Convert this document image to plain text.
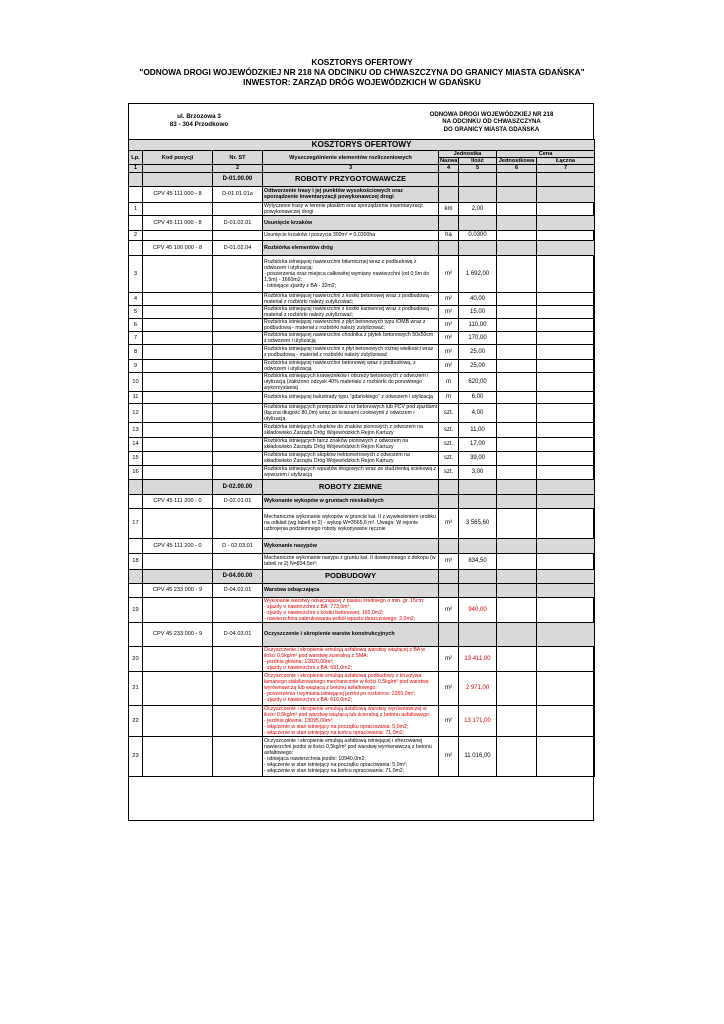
KOSZTORYS OFERTOWY
"ODNOWA DROGI WOJEWÓDZKIEJ NR 218 NA ODCINKU OD CHWASZCZYNA DO GRANICY MIASTA GDAŃSKA"
INWESTOR: ZARZĄD DRÓG WOJEWÓDZKICH W GDAŃSKU
ul. Brzozowa 3
83 - 304 Przodkowo
ODNOWA DROGI WOJEWÓDZKIEJ NR 218
NA ODCINKU OD CHWASZCZYNA
DO GRANICY MIASTA GDAŃSKA
KOSZTORYS OFERTOWY							
Lp.	Kod pozycji	Nr. ST	Wyszczególnienie elementów rozliczeniowych	Jednostka		Cena	
				Nazwa	Ilość	Jednostkowa	Łączna
1		2	3	4	5	6	7
		D-01.00.00	ROBOTY PRZYGOTOWAWCZE				
	CPV 45 111 000 - 8	D-01.01.01a	Odtworzenie trasy i jej punktów wysokościowych oraz sporządzenie inwentaryzacji powykonawczej drogi				
1			Wytyczenie trasy w terenie płaskim oraz sporządzenie inwentaryzacji powykonawczej drogi	km	2,00		
	CPV 45 111 000 - 8	D-01.02.01	Usunięcie krzaków				
2			Usunięcie krzaków i poszycia 300m² = 0,0300ha	ha	0,0300		
	CPV 45 100 000 - 8	D-01.02.04	Rozbiórka elementów dróg				
3			Rozbiórka istniejącej nawierzchni bitumicznej wraz z podbudową z odwozem i utylizacją:
- poszerzenia oraz miejsca całkowitej wymiany nawierzchni (od 0,5m do 1,5m) - 1660m2;
- istniejące zjazdy z BA - 32m2;	m²	1 692,00		
4			Rozbiórka istniejącej nawierzchni z kostki betonowej wraz z podbudową - materiał z rozbiórki należy zutylizować;	m²	40,00		
5			Rozbiórka istniejącej nawierzchni z kostki kamiennej wraz z podbudową - materiał z rozbiórki należy zutylizować;	m²	15,00		
6			Rozbiórka istniejącej nawierzchni z płyt betonowych typu IOMB wraz z podbudową - materiał z rozbiórki należy zutylizować;	m²	110,00		
7			Rozbiórka istniejącej nawierzchni chodnika z płytek betonowych 50x50cm z odwozem i utylizacją	m²	170,00		
8			Rozbiórka istniejącej nawierzchni z płyt betonowych różnej wielkości wraz z podbudową - materiał z rozbiórki należy zutylizować	m²	25,00		
9			Rozbiórka istniejącej nawierzchni betonowej wraz z podbudową, z odwozem i utylizacją	m²	25,00		
10			Rozbiórka istniejących krawężników i obrzeży betonowych z odwozem i utylizacją (założono odzysk 40% materiału z rozbiórki do ponownego wykorzystania)	m	620,00		
11			Rozbiórka istniejącej balustrady typu "gdańskiego" z odwozem i utylizacją	m	6,00		
12			Rozbiórka istniejących przepustów z rur betonowych lub PCV pod zjazdami (łączna długość 80,0m) wraz ze ścianami czołowymi z odwozem i utylizacją	szt.	4,00		
13			Rozbiórka istniejących słupków do znaków pionowych z odwozem na składowisko Zarządu Dróg Wojewódzkich Rejon Kartuzy	szt.	11,00		
14			Rozbiórka istniejących tarcz znaków pionowych z odwozem na składowisko Zarządu Dróg Wojewódzkich Rejon Kartuzy	szt.	17,00		
15			Rozbiórka istniejących słupków hektometrowych z odwozem na składowisko Zarządu Dróg Wojewódzkich Rejon Kartuzy	szt.	39,00		
16			Rozbiórka istniejących wpustów drogowych wraz ze studzienką ściekową z wywozem i utylizacją	szt.	3,00		
		D-02.00.00	ROBOTY ZIEMNE				
	CPV 45 111 200 - 0	D-02.01.01	Wykonanie wykopów w gruntach nieskalistych				
17			Mechaniczne wykonanie wykopów w gruncie kat. II z wywiezieniem urobku na odkład (wg tabeli nr 2) - wykop W=3565,6 m³. Uwaga: W rejonie uzbrojenia podziemnego roboty wykonywane ręcznie	m³	3 565,60		
	CPV 45 111 200 - 0	D - 02.03.01	Wykonanie nasypów				
18			Mechaniczne wykonanie nasypu z gruntu kat. II dowiezionego z dokopu (w tabeli nr 2) N=834,5m³;	m³	834,50		
		D-04.00.00	PODBUDOWY				
	CPV 45 233 000 - 9	D-04.02.01	Warstwa odsączająca				
19			Wykonanie warstwy odsączającej z piasku średniego o min. gr. 15cm:
- zjazdy o nawierzchni z BA: 773,0m²;
- zjazdy o nawierzchni z kostki betonowej: 165,0m2;
- nawierzchnia zabrukowania wokół wpustu deszczowego: 2,0m2;	m²	940,00		
	CPV 45 233 000 - 9	D-04.03.01	Oczyszczenie i skropienie warstw konstrukcyjnych				
20			Oczyszczenie i skropienie emulsją asfaltową warstwy wiążącej z BA w ilości 0,5kg/m² pod warstwę ścieralną z SMA:
- jezdnia główna: 12820,00m²;
- zjazdy o nawierzchni z BA: 591,0m2;	m²	13 411,00		
21			Oczyszczenie i skropienie emulsją asfaltową podbudowy z kruszywa łamanego stabilizowanego mechanicznie w ilości 0,5kg/m² pod warstwę wyrównawczą lub wiążącą z betonu asfaltowego:
- poszerzenia i wymiana istniejącej jezdni po rozbiórce: 2355,0m²;
- zjazdy o nawierzchni z BA: 616,0m2;	m²	2 971,00		
22			Oczyszczenie i skropienie emulsją asfaltową warstwy wyrównawczej w ilości 0,5kg/m² pod warstwę wiążącą lub ścieralną z betonu asfaltowego:
- jezdnia główna: 13095,00m²;
- włączenie w stan istniejący na początku opracowania: 5,0m2;
- włączenie w stan istniejący na końcu opracowania: 71,0m2;	m²	13 171,00		
23			Oczyszczenie i skropienie emulsją asfaltową istniejącej i sfrezowanej nawierzchni jezdni w ilości 0,5kg/m² pod warstwę wyrównawczą z betonu asfaltowego:
- istniejąca nawierzchnia jezdni: 10940,0m2;
- włączenie w stan istniejący na początku opracowania: 5,0m²;
- włączenie w stan istniejący na końcu opracowania: 71,0m2;	m²	11 016,00		
